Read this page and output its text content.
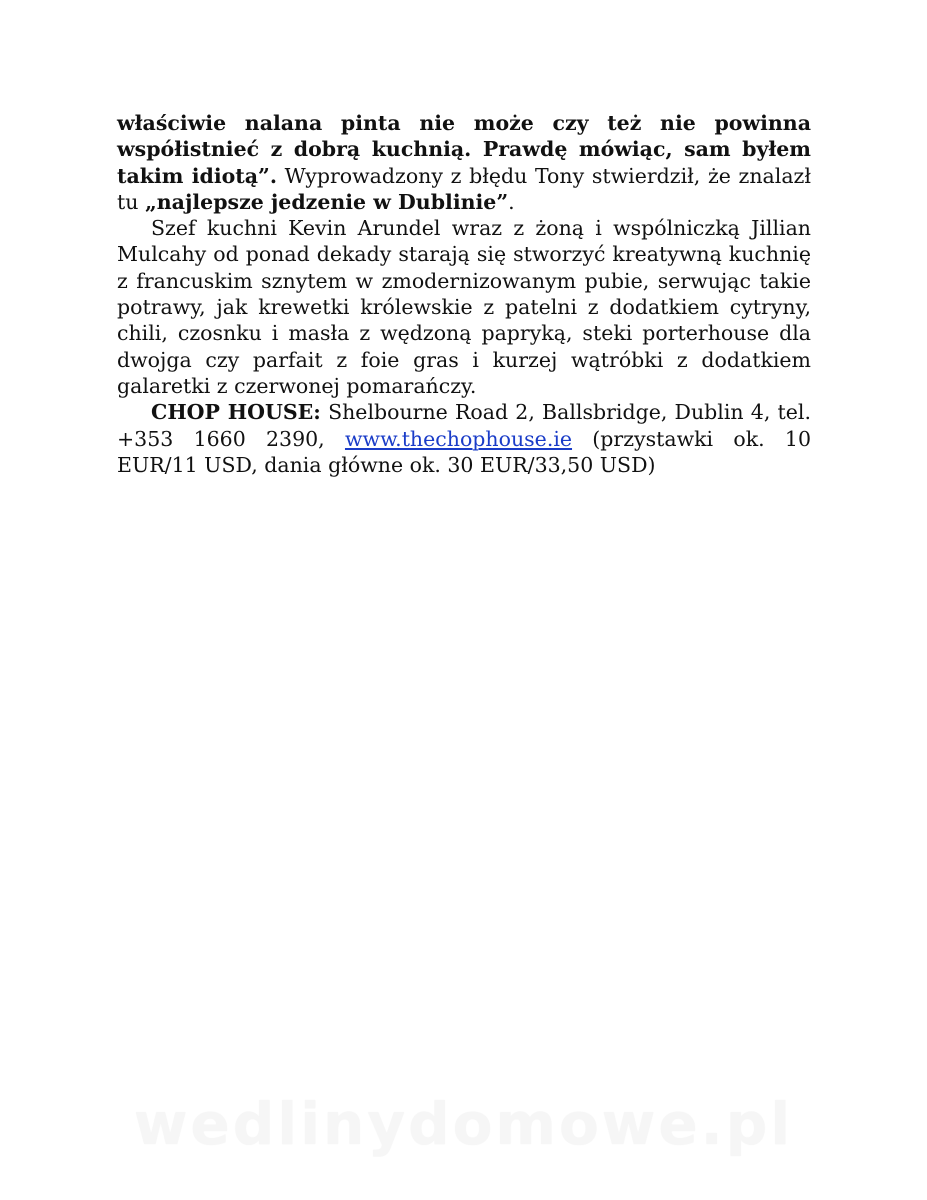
właściwie nalana pinta nie może czy też nie powinna współistnieć z dobrą kuchnią. Prawdę mówiąc, sam byłem takim idiotą”. Wyprowadzony z błędu Tony stwierdził, że znalazł tu „najlepsze jedzenie w Dublinie”.

Szef kuchni Kevin Arundel wraz z żoną i wspólniczką Jillian Mulcahy od ponad dekady starają się stworzyć kreatywną kuchnię z francuskim sznytem w zmodernizowanym pubie, serwując takie potrawy, jak krewetki królewskie z patelni z dodatkiem cytryny, chili, czosnku i masła z wędzoną papryką, steki porterhouse dla dwojga czy parfait z foie gras i kurzej wątróbki z dodatkiem galaretki z czerwonej pomarańczy.

CHOP HOUSE: Shelbourne Road 2, Ballsbridge, Dublin 4, tel. +353 1660 2390, www.thechophouse.ie (przystawki ok. 10 EUR/11 USD, dania główne ok. 30 EUR/33,50 USD)

wedlinydomowe.pl
